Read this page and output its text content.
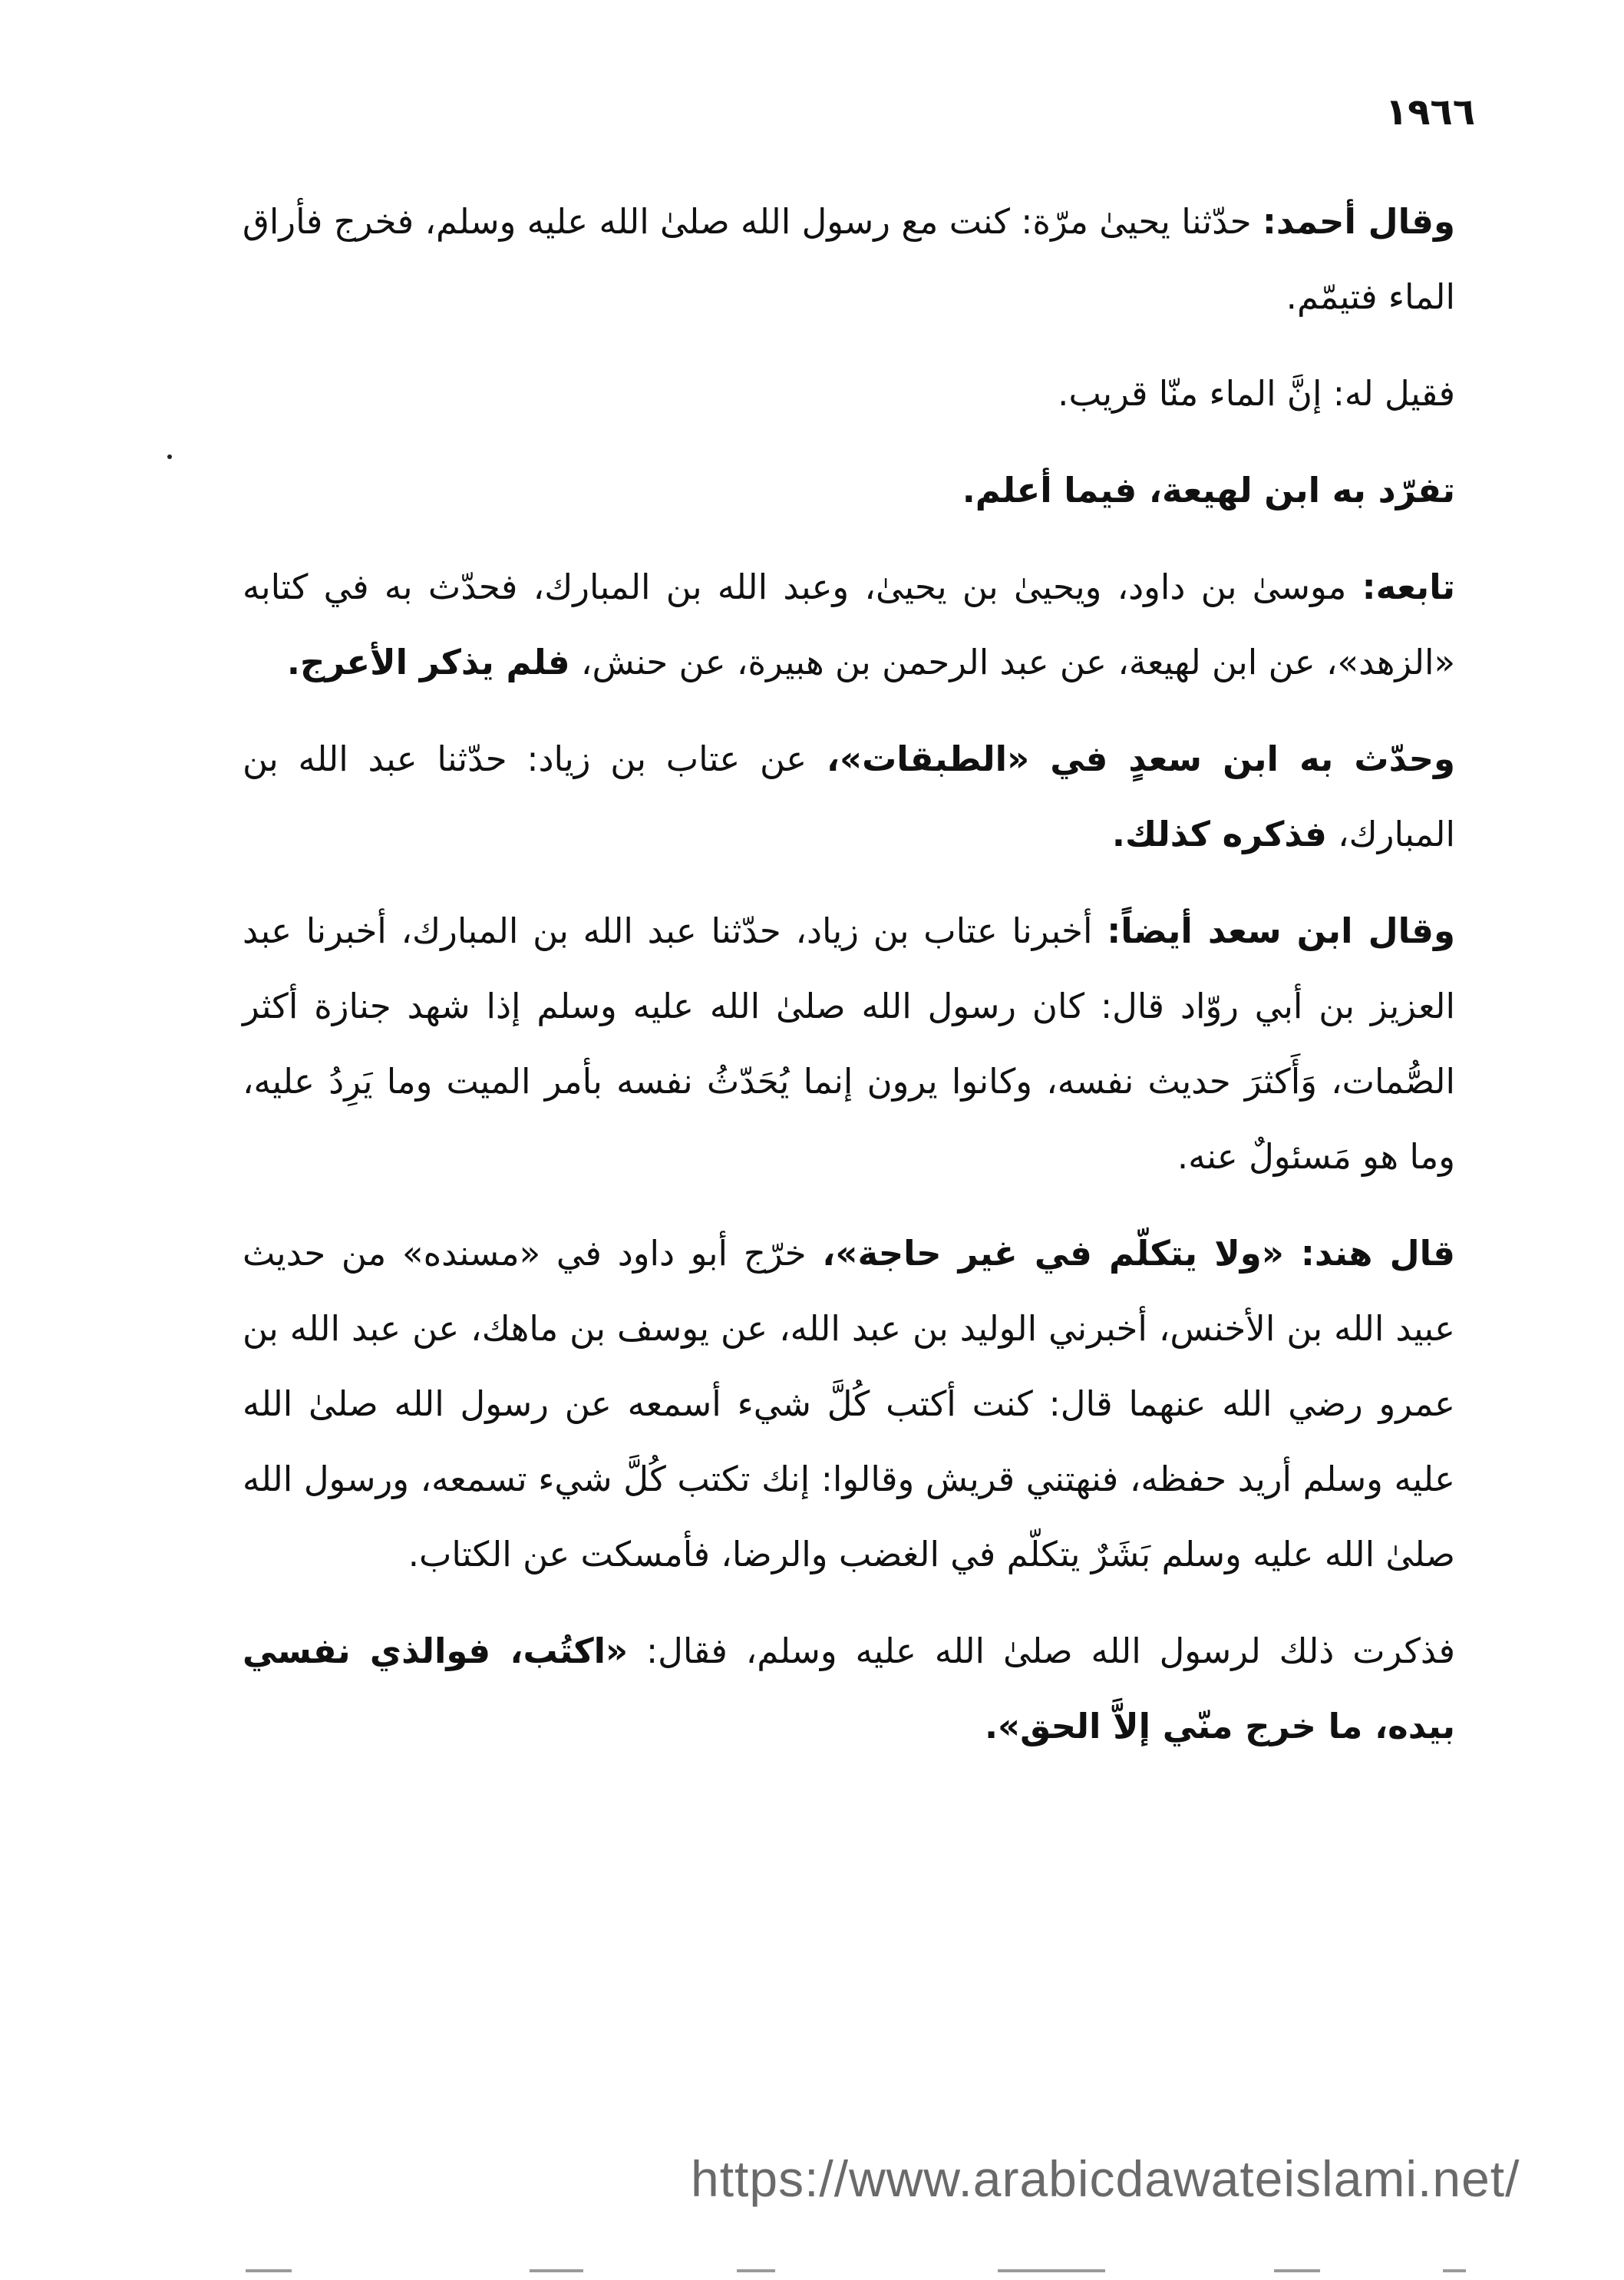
١٩٦٦

وقال أحمد: حدّثنا يحيىٰ مرّة: كنت مع رسول الله صلىٰ الله عليه وسلم، فخرج فأراق الماء فتيمّم.

فقيل له: إنَّ الماء منّا قريب.

تفرّد به ابن لهيعة، فيما أعلم.

تابعه: موسىٰ بن داود، ويحيىٰ بن يحيىٰ، وعبد الله بن المبارك، فحدّث به في كتابه «الزهد»، عن ابن لهيعة، عن عبد الرحمن بن هبيرة، عن حنش، فلم يذكر الأعرج.

وحدّث به ابن سعدٍ في «الطبقات»، عن عتاب بن زياد: حدّثنا عبد الله بن المبارك، فذكره كذلك.

وقال ابن سعد أيضاً: أخبرنا عتاب بن زياد، حدّثنا عبد الله بن المبارك، أخبرنا عبد العزيز بن أبي روّاد قال: كان رسول الله صلىٰ الله عليه وسلم إذا شهد جنازة أكثر الصُّمات، وَأَكثرَ حديث نفسه، وكانوا يرون إنما يُحَدّثُ نفسه بأمر الميت وما يَرِدُ عليه، وما هو مَسئولٌ عنه.

قال هند: «ولا يتكلّم في غير حاجة»، خرّج أبو داود في «مسنده» من حديث عبيد الله بن الأخنس، أخبرني الوليد بن عبد الله، عن يوسف بن ماهك، عن عبد الله بن عمرو رضي الله عنهما قال: كنت أكتب كُلَّ شيء أسمعه عن رسول الله صلىٰ الله عليه وسلم أريد حفظه، فنهتني قريش وقالوا: إنك تكتب كُلَّ شيء تسمعه، ورسول الله صلىٰ الله عليه وسلم بَشَرٌ يتكلّم في الغضب والرضا، فأمسكت عن الكتاب.

فذكرت ذلك لرسول الله صلىٰ الله عليه وسلم، فقال: «اكتُب، فوالذي نفسي بيده، ما خرج منّي إلاَّ الحق».

https://www.arabicdawateislami.net/
